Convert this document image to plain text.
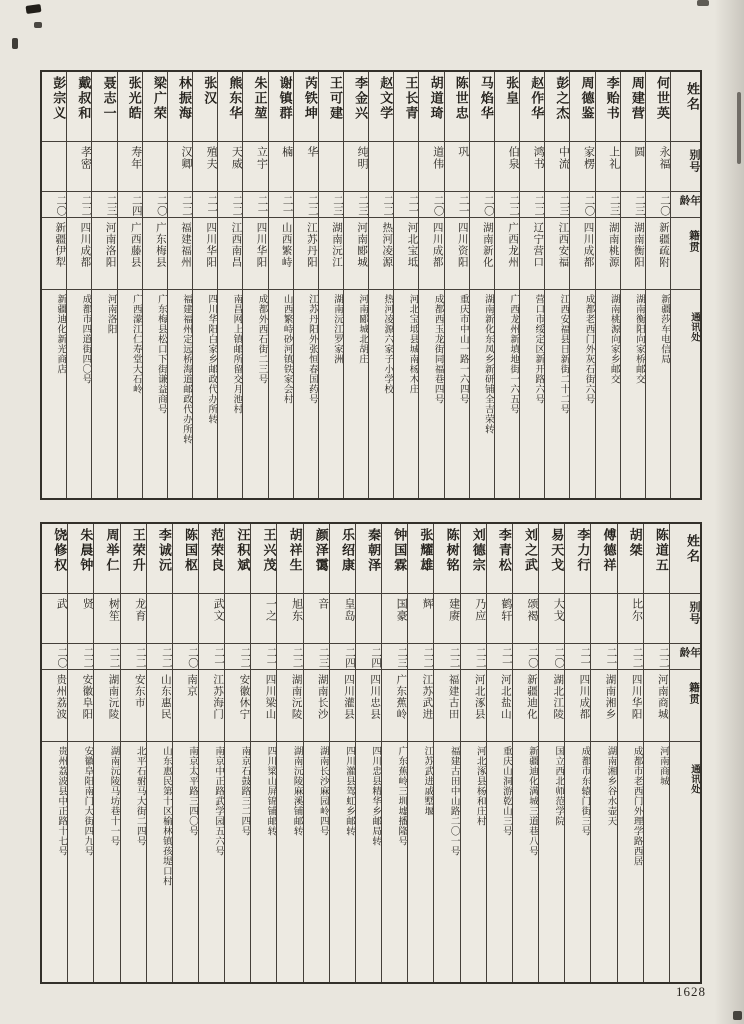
姓名
别号
年龄
籍贯
通讯处
何世英
永福
二〇
新疆疏附
新疆莎车电信局
周建营
圆
二三
湖南衡阳
湖南衡阳向家桥邮交
李贻书
上礼
二三
湖南桃源
湖南桃源向家乡邮交
周德鉴
家楞
二〇
四川成都
成都老西门外灰石街六号
彭之杰
中流
二三
江西安福
江西安福县日新街二十二号
赵作华
鸿书
二二
辽宁营口
营口市绥定区新开路六号
张皇
伯泉
二二
广西龙州
广西龙州新填地街一六五号
马焰华
二〇
湖南新化
湖南新化东凤乡新研铺全吉荣转
陈世忠
巩
二一
四川资阳
重庆市中山一路一六四号
胡道琦
道伟
二〇
四川成都
成都西玉龙街同福巷四号
王长青
二一
河北宝坻
河北宝坻县城南杨木庄
赵文学
二二
热河凌源
热河凌源六家子小学校
李金兴
纯明
二三
河南郾城
河南郾城北胡庄
王可建
二三
湖南沅江
湖南沅江罗家洲
芮铁坤
华
二二
江苏丹阳
江苏丹阳外张恒春国药号
谢镇群
楠
二一
山西繁峙
山西繁峙砂河镇铁家会村
朱正堃
立宇
二一
四川华阳
成都外西石街二三号
熊东华
天威
二二
江西南昌
南昌网上镇邮所留交月池村
张汉
殖夫
二一
四川华阳
四川华阳白家乡邮政代办所转
林振海
汉卿
二二
福建福州
福建福州定远桥海道邮政代办所转
梁广荣
二〇
广东梅县
广东梅县松口下街谦益商号
张光皓
寿年
二四
广西藤县
广西濛江仁寿堂大石岭
聂志一
二三
河南洛阳
河南洛阳
戴叔和
孝密
二二
四川成都
成都市四道街四〇号
彭宗义
二〇
新疆伊犁
新疆迪化新光商店
姓名
别号
年龄
籍贯
通讯处
陈道五
二二
河南商城
河南商城
胡桀
比尔
二二
四川华阳
成都市老西门外理学路西居
傅德祥
二一
湖南湘乡
湖南湘乡谷水壶天
李力行
二一
四川成都
成都市东辕门街三号
易天戈
大戈
二〇
湖北江陵
国立西北师范学院
刘之武
颂褐
二〇
新疆迪化
新疆迪化满城三道巷八号
李青松
鹤轩
二一
河北盐山
重庆山洞游乾山三号
刘德宗
乃应
二二
河北涿县
河北涿县杨和庄村
陈树铭
建赓
二二
福建古田
福建古田中山路二〇一号
张耀雄
辉
二二
江苏武进
江苏武进戚墅堰
钟国霖
国豪
二三
广东蕉岭
广东蕉岭三圳墟播隆号
秦朝泽
二四
四川忠县
四川忠县精华乡邮局转
乐绍康
皇岛
二四
四川灌县
四川灌县驾虹乡邮转
颜泽霭
音
二三
湖南长沙
湖南长沙麻园岭四号
胡祥生
旭东
二二
湖南沅陵
湖南沅陵麻溪铺邮转
王兴茂
一之
二一
四川梁山
四川梁山屏锦铺邮转
汪积斌
二二
安徽休宁
南京石鼓路三二四号
范荣良
武文
二一
江苏海门
南京中正路武学园五六号
陈国枢
二〇
南京
南京太平路三四〇号
李诚沅
二二
山东惠民
山东惠民第十区榆林镇孩堤口村
王荣升
龙育
二二
安东市
北平石驸马大街二四号
周举仁
树笙
二二
湖南沅陵
湖南沅陵马坊巷十一号
朱晨钟
贤
二二
安徽阜阳
安徽阜阳南门大街四九号
饶修权
武
二〇
贵州荔波
贵州荔波县中正路十七号
1628
